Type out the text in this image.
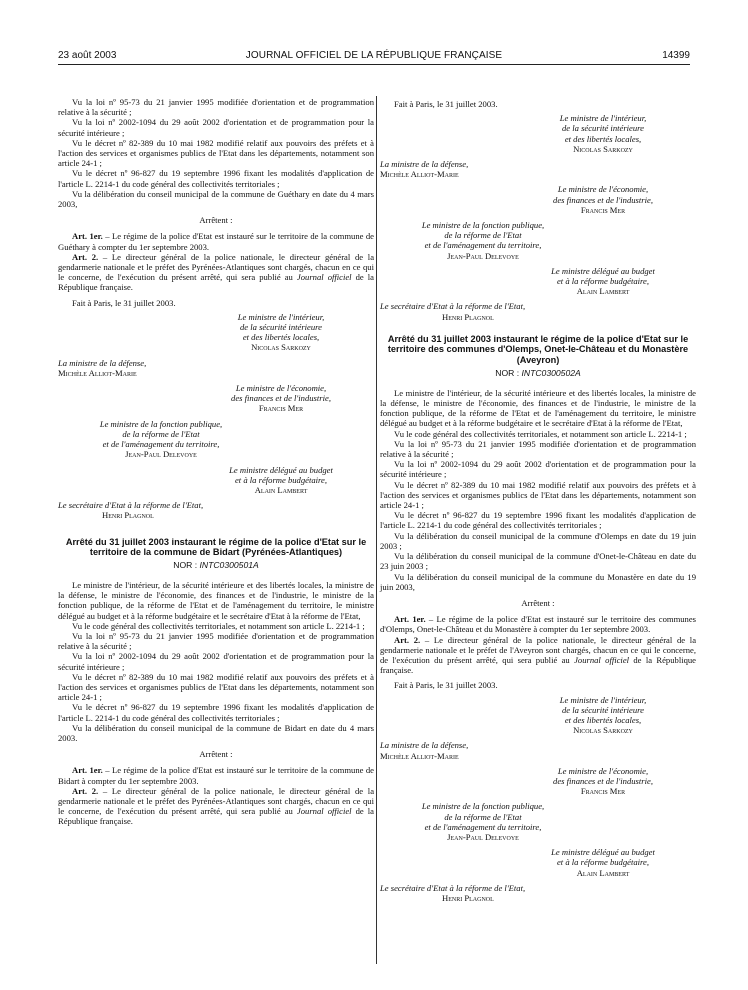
23 août 2003	JOURNAL OFFICIEL DE LA RÉPUBLIQUE FRANÇAISE	14399

Vu la loi nº 95-73 du 21 janvier 1995 modifiée d'orientation et de programmation relative à la sécurité ;

Vu la loi nº 2002-1094 du 29 août 2002 d'orientation et de programmation pour la sécurité intérieure ;

Vu le décret nº 82-389 du 10 mai 1982 modifié relatif aux pouvoirs des préfets et à l'action des services et organismes publics de l'Etat dans les départements, notamment son article 24-1 ;

Vu le décret nº 96-827 du 19 septembre 1996 fixant les modalités d'application de l'article L. 2214-1 du code général des collectivités territoriales ;

Vu la délibération du conseil municipal de la commune de Guéthary en date du 4 mars 2003,

Arrêtent :

Art. 1er. – Le régime de la police d'Etat est instauré sur le territoire de la commune de Guéthary à compter du 1er septembre 2003.

Art. 2. – Le directeur général de la police nationale, le directeur général de la gendarmerie nationale et le préfet des Pyrénées-Atlantiques sont chargés, chacun en ce qui le concerne, de l'exécution du présent arrêté, qui sera publié au Journal officiel de la République française.

Fait à Paris, le 31 juillet 2003.

Le ministre de l'intérieur,
de la sécurité intérieure
et des libertés locales,
Nicolas Sarkozy
La ministre de la défense,
Michèle Alliot-Marie
Le ministre de l'économie,
des finances et de l'industrie,
Francis Mer
Le ministre de la fonction publique,
de la réforme de l'Etat
et de l'aménagement du territoire,
Jean-Paul Delevoye
Le ministre délégué au budget
et à la réforme budgétaire,
Alain Lambert
Le secrétaire d'Etat à la réforme de l'Etat,
Henri Plagnol
Arrêté du 31 juillet 2003 instaurant le régime de la police d'Etat sur le territoire de la commune de Bidart (Pyrénées-Atlantiques)
NOR : INTC0300501A

Le ministre de l'intérieur, de la sécurité intérieure et des libertés locales, la ministre de la défense, le ministre de l'économie, des finances et de l'industrie, le ministre de la fonction publique, de la réforme de l'Etat et de l'aménagement du territoire, le ministre délégué au budget et à la réforme budgétaire et le secrétaire d'Etat à la réforme de l'Etat,

Vu le code général des collectivités territoriales, et notamment son article L. 2214-1 ;

Vu la loi nº 95-73 du 21 janvier 1995 modifiée d'orientation et de programmation relative à la sécurité ;

Vu la loi nº 2002-1094 du 29 août 2002 d'orientation et de programmation pour la sécurité intérieure ;

Vu le décret nº 82-389 du 10 mai 1982 modifié relatif aux pouvoirs des préfets et à l'action des services et organismes publics de l'Etat dans les départements, notamment son article 24-1 ;

Vu le décret nº 96-827 du 19 septembre 1996 fixant les modalités d'application de l'article L. 2214-1 du code général des collectivités territoriales ;

Vu la délibération du conseil municipal de la commune de Bidart en date du 4 mars 2003.

Arrêtent :

Art. 1er. – Le régime de la police d'Etat est instauré sur le territoire de la commune de Bidart à compter du 1er septembre 2003.

Art. 2. – Le directeur général de la police nationale, le directeur général de la gendarmerie nationale et le préfet des Pyrénées-Atlantiques sont chargés, chacun en ce qui le concerne, de l'exécution du présent arrêté, qui sera publié au Journal officiel de la République française.

Fait à Paris, le 31 juillet 2003.

Le ministre de l'intérieur,
de la sécurité intérieure
et des libertés locales,
Nicolas Sarkozy
La ministre de la défense,
Michèle Alliot-Marie
Le ministre de l'économie,
des finances et de l'industrie,
Francis Mer
Le ministre de la fonction publique,
de la réforme de l'Etat
et de l'aménagement du territoire,
Jean-Paul Delevoye
Le ministre délégué au budget
et à la réforme budgétaire,
Alain Lambert
Le secrétaire d'Etat à la réforme de l'Etat,
Henri Plagnol
Arrêté du 31 juillet 2003 instaurant le régime de la police d'Etat sur le territoire des communes d'Olemps, Onet-le-Château et du Monastère (Aveyron)
NOR : INTC0300502A

Le ministre de l'intérieur, de la sécurité intérieure et des libertés locales, la ministre de la défense, le ministre de l'économie, des finances et de l'industrie, le ministre de la fonction publique, de la réforme de l'Etat et de l'aménagement du territoire, le ministre délégué au budget et à la réforme budgétaire et le secrétaire d'Etat à la réforme de l'Etat,

Vu le code général des collectivités territoriales, et notamment son article L. 2214-1 ;

Vu la loi nº 95-73 du 21 janvier 1995 modifiée d'orientation et de programmation relative à la sécurité ;

Vu la loi nº 2002-1094 du 29 août 2002 d'orientation et de programmation pour la sécurité intérieure ;

Vu le décret nº 82-389 du 10 mai 1982 modifié relatif aux pouvoirs des préfets et à l'action des services et organismes publics de l'Etat dans les départements, notamment son article 24-1 ;

Vu le décret nº 96-827 du 19 septembre 1996 fixant les modalités d'application de l'article L. 2214-1 du code général des collectivités territoriales ;

Vu la délibération du conseil municipal de la commune d'Olemps en date du 19 juin 2003 ;

Vu la délibération du conseil municipal de la commune d'Onet-le-Château en date du 23 juin 2003 ;

Vu la délibération du conseil municipal de la commune du Monastère en date du 19 juin 2003,

Arrêtent :

Art. 1er. – Le régime de la police d'Etat est instauré sur le territoire des communes d'Olemps, Onet-le-Château et du Monastère à compter du 1er septembre 2003.

Art. 2. – Le directeur général de la police nationale, le directeur général de la gendarmerie nationale et le préfet de l'Aveyron sont chargés, chacun en ce qui le concerne, de l'exécution du présent arrêté, qui sera publié au Journal officiel de la République française.

Fait à Paris, le 31 juillet 2003.

Le ministre de l'intérieur,
de la sécurité intérieure
et des libertés locales,
Nicolas Sarkozy
La ministre de la défense,
Michèle Alliot-Marie
Le ministre de l'économie,
des finances et de l'industrie,
Francis Mer
Le ministre de la fonction publique,
de la réforme de l'Etat
et de l'aménagement du territoire,
Jean-Paul Delevoye
Le ministre délégué au budget
et à la réforme budgétaire,
Alain Lambert
Le secrétaire d'Etat à la réforme de l'Etat,
Henri Plagnol
